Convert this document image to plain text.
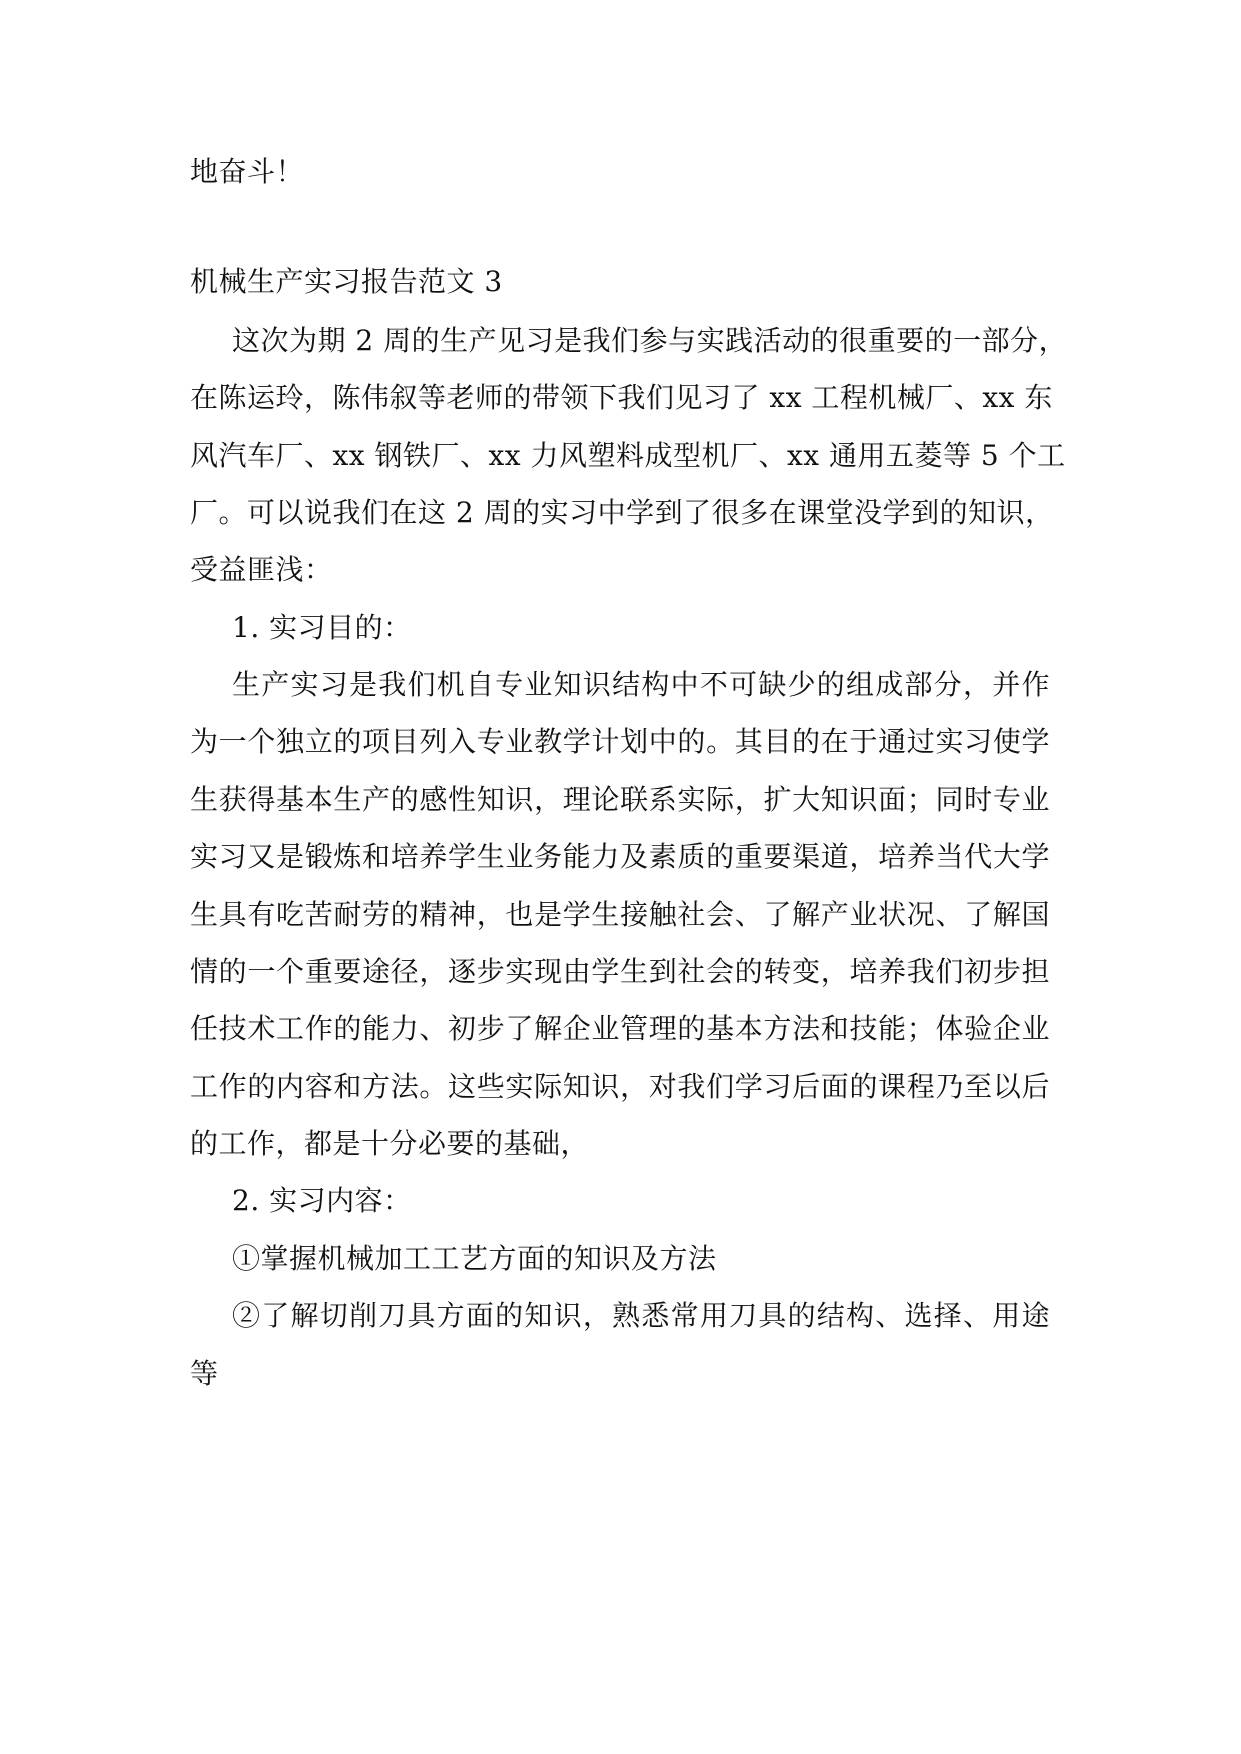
地奋斗！

机械生产实习报告范文 3

这次为期 2 周的生产见习是我们参与实践活动的很重要的一部分，

在陈运玲，陈伟叙等老师的带领下我们见习了 xx 工程机械厂、xx 东

风汽车厂、xx 钢铁厂、xx 力风塑料成型机厂、xx 通用五菱等 5 个工

厂。可以说我们在这 2 周的实习中学到了很多在课堂没学到的知识，

受益匪浅：

1. 实习目的：

生产实习是我们机自专业知识结构中不可缺少的组成部分，并作

为一个独立的项目列入专业教学计划中的。其目的在于通过实习使学

生获得基本生产的感性知识，理论联系实际，扩大知识面；同时专业

实习又是锻炼和培养学生业务能力及素质的重要渠道，培养当代大学

生具有吃苦耐劳的精神，也是学生接触社会、了解产业状况、了解国

情的一个重要途径，逐步实现由学生到社会的转变，培养我们初步担

任技术工作的能力、初步了解企业管理的基本方法和技能；体验企业

工作的内容和方法。这些实际知识，对我们学习后面的课程乃至以后

的工作，都是十分必要的基础，

2. 实习内容：

①掌握机械加工工艺方面的知识及方法

②了解切削刀具方面的知识，熟悉常用刀具的结构、选择、用途

等
